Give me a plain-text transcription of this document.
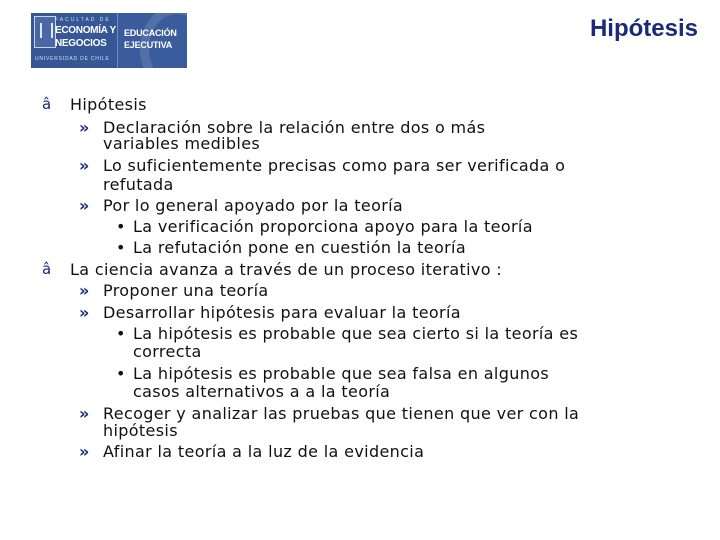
FACULTAD DE
ECONOMÍA Y
NEGOCIOS
UNIVERSIDAD DE CHILE
EDUCACIÓN
EJECUTIVA
Hipótesis
â Hipótesis
» Declaración sobre la relación entre dos o más
variables medibles
» Lo suficientemente precisas como para ser verificada o
refutada
» Por lo general apoyado por la teoría
• La verificación proporciona apoyo para la teoría
• La refutación pone en cuestión la teoría
â La ciencia avanza a través de un proceso iterativo :
» Proponer una teoría
» Desarrollar hipótesis para evaluar la teoría
• La hipótesis es probable que sea cierto si la teoría es
correcta
• La hipótesis es probable que sea falsa en algunos
casos alternativos a a la teoría
» Recoger y analizar las pruebas que tienen que ver con la
hipótesis
» Afinar la teoría a la luz de la evidencia
